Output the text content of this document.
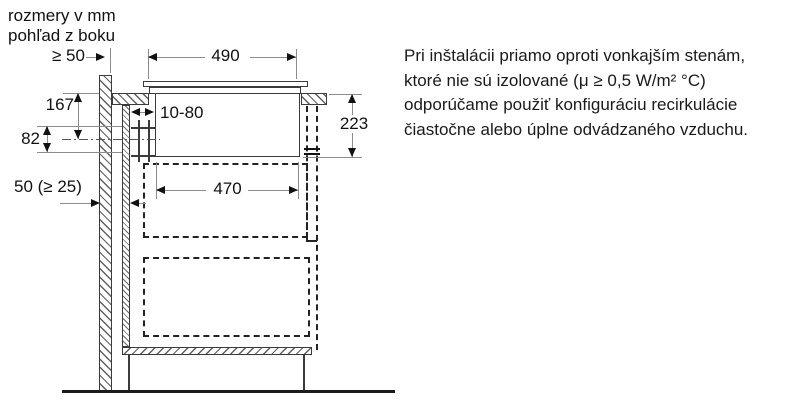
rozmery v mm
pohľad z boku
Pri inštalácii priamo oproti vonkajším stenám,
ktoré nie sú izolované (μ ≥ 0,5 W/m² °C)
odporúčame použiť konfiguráciu recirkulácie
čiastočne alebo úplne odvádzaného vzduchu.
≥ 50	490
167
82
10-80
50 (≥ 25)
223
470
